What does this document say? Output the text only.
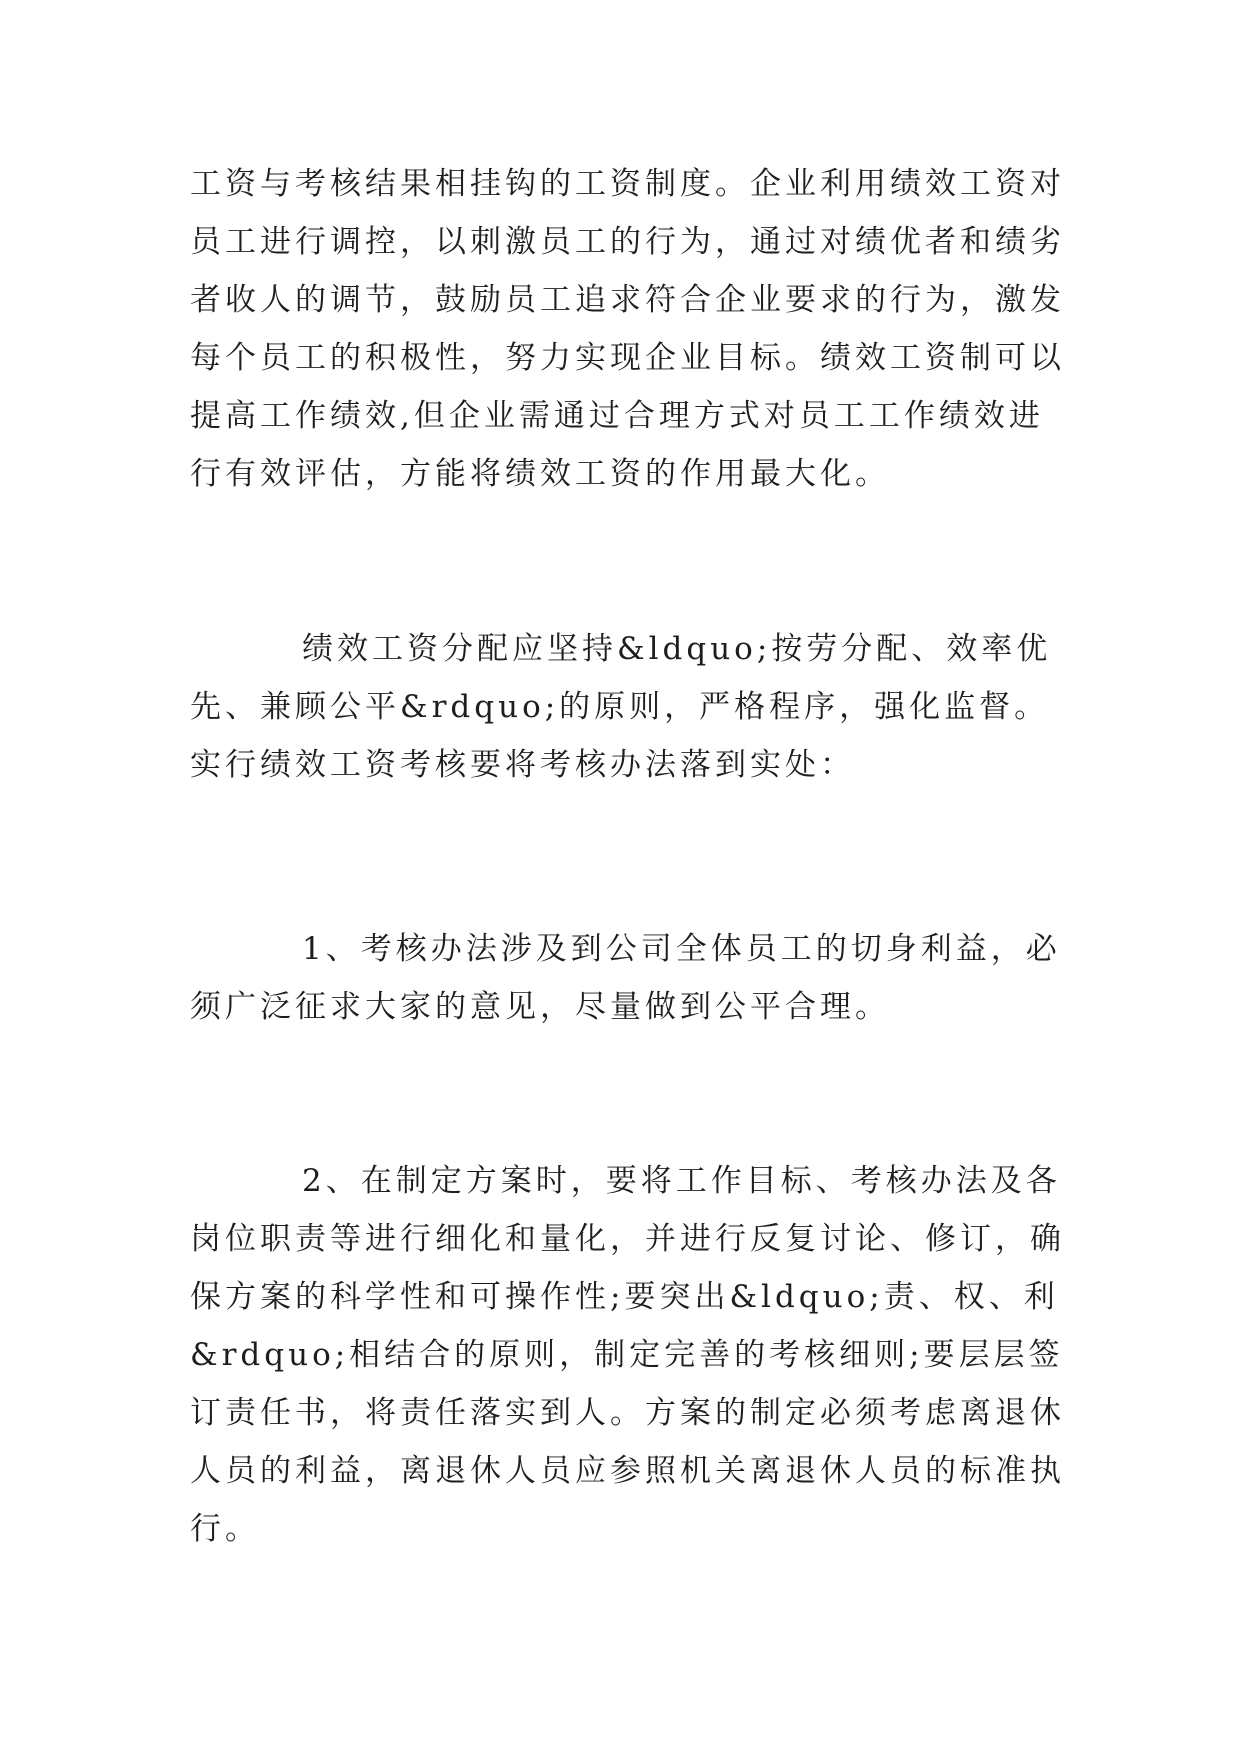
工资与考核结果相挂钩的工资制度。企业利用绩效工资对员工进行调控，以刺激员工的行为，通过对绩优者和绩劣者收人的调节，鼓励员工追求符合企业要求的行为，激发每个员工的积极性，努力实现企业目标。绩效工资制可以提高工作绩效,但企业需通过合理方式对员工工作绩效进行有效评估，方能将绩效工资的作用最大化。

绩效工资分配应坚持&ldquo;按劳分配、效率优先、兼顾公平&rdquo;的原则，严格程序，强化监督。实行绩效工资考核要将考核办法落到实处：

1、考核办法涉及到公司全体员工的切身利益，必须广泛征求大家的意见，尽量做到公平合理。

2、在制定方案时，要将工作目标、考核办法及各岗位职责等进行细化和量化，并进行反复讨论、修订，确保方案的科学性和可操作性;要突出&ldquo;责、权、利&rdquo;相结合的原则，制定完善的考核细则;要层层签订责任书，将责任落实到人。方案的制定必须考虑离退休人员的利益，离退休人员应参照机关离退休人员的标准执行。
